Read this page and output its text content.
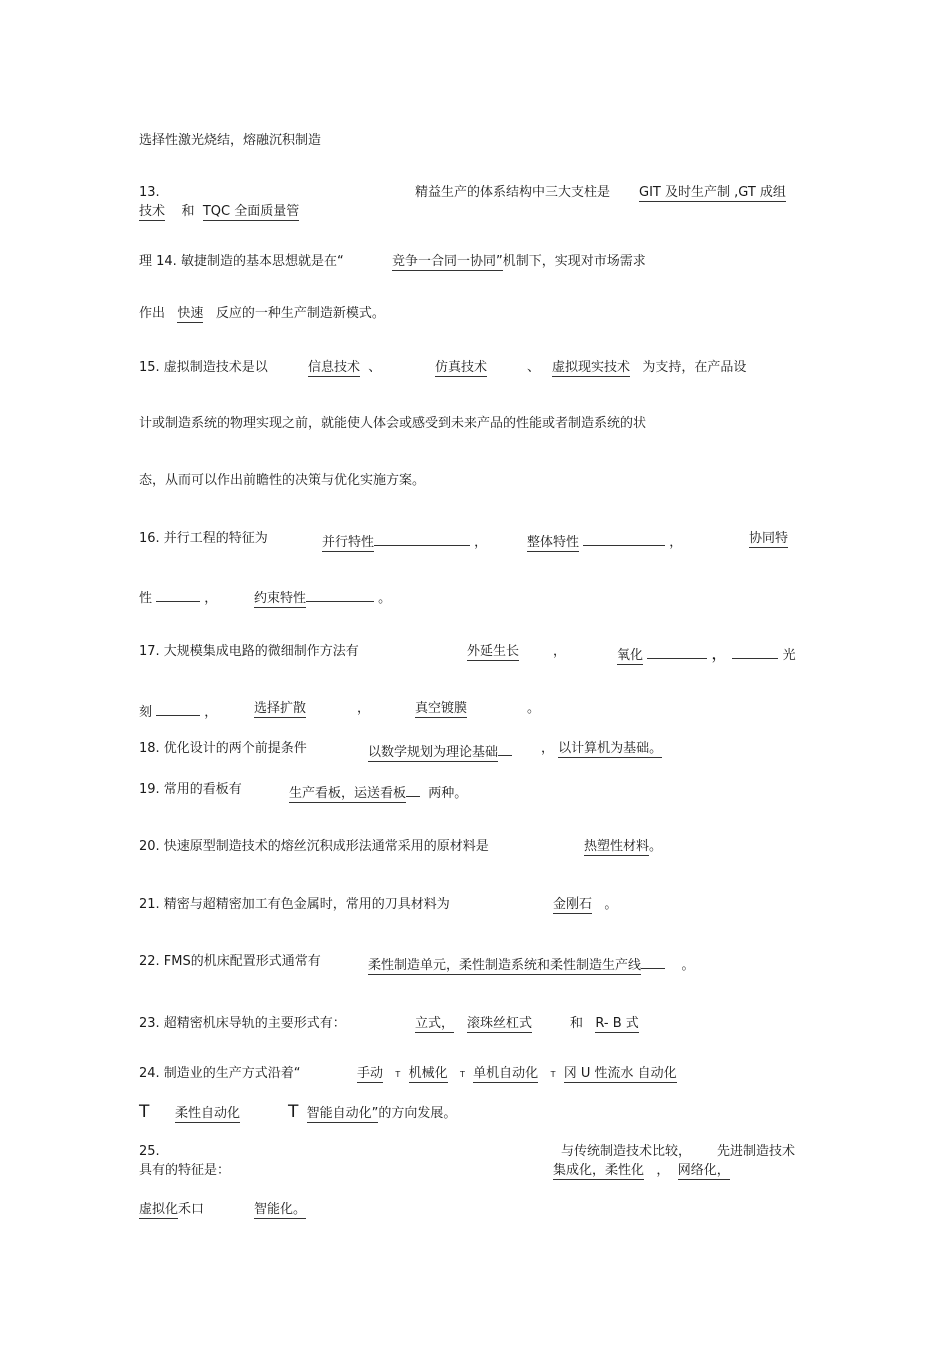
选择性激光烧结，熔融沉积制造
13.	精益生产的体系结构中三大支柱是 GIT 及时生产制 ,GT 成组
技术 和 TQC 全面质量管
理 14. 敏捷制造的基本思想就是在“	竞争一合同一协同”机制下，实现对市场需求
作出 快速 反应的一种生产制造新模式。
15. 虚拟制造技术是以	信息技术 、	仿真技术	、 虚拟现实技术 为支持，在产品设
计或制造系统的物理实现之前，就能使人体会或感受到未来产品的性能或者制造系统的状
态，从而可以作出前瞻性的决策与优化实施方案。
16. 并行工程的特征为	并行特性	，	整体特性	，	协同特
性	，	约束特性	。
17. 大规模集成电路的微细制作方法有	外延生长	，	氧化	，	光
刻	，	选择扩散	，	真空镀膜	。
18. 优化设计的两个前提条件	以数学规划为理论基础	， 以计算机为基础。
19. 常用的看板有	生产看板，运送看板 两种。
20. 快速原型制造技术的熔丝沉积成形法通常采用的原材料是	热塑性材料。
21. 精密与超精密加工有色金属时，常用的刀具材料为	金刚石 。
22. FMS的机床配置形式通常有	柔性制造单元，柔性制造系统和柔性制造生产线	。
23. 超精密机床导轨的主要形式有：	立式， 滚珠丝杠式	和 R- B 式
24. 制造业的生产方式沿着“	手动 T 机械化 T 单机自动化 T 冈 U 性流水 自动化
T 柔性自动化	T 智能自动化”的方向发展。
25.	与传统制造技术比较， 先进制造技术
具有的特征是：	集成化，柔性化 ， 网络化，
虚拟化禾口	智能化。
